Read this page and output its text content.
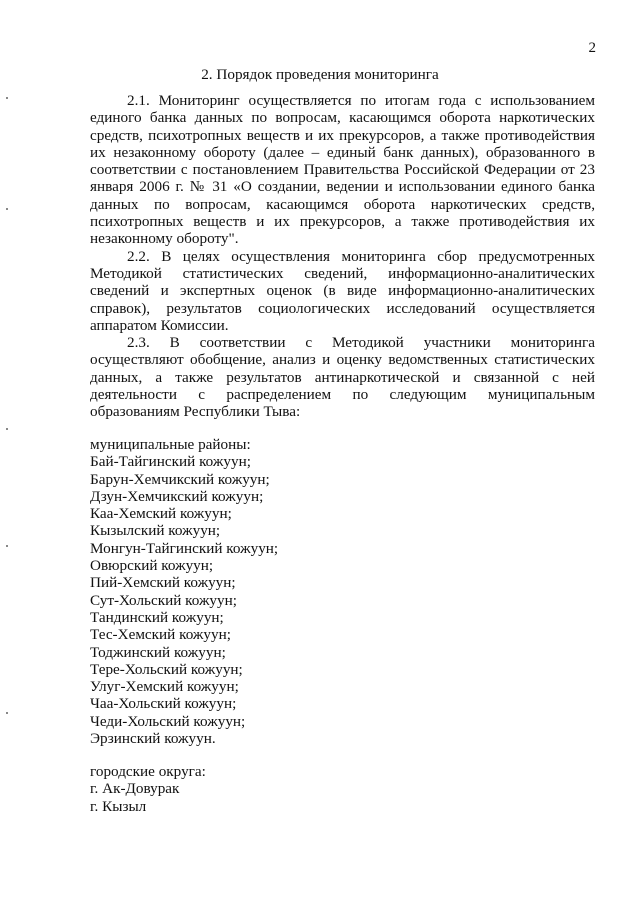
2
2. Порядок проведения мониторинга

2.1. Мониторинг осуществляется по итогам года с использованием единого банка данных по вопросам, касающимся оборота наркотических средств, психотропных веществ и их прекурсоров, а также противодействия их незаконному обороту (далее – единый банк данных), образованного в соответствии с постановлением Правительства Российской Федерации от 23 января 2006 г. № 31 «О создании, ведении и использовании единого банка данных по вопросам, касающимся оборота наркотических средств, психотропных веществ и их прекурсоров, а также противодействия их незаконному обороту".

2.2. В целях осуществления мониторинга сбор предусмотренных Методикой статистических сведений, информационно-аналитических сведений и экспертных оценок (в виде информационно-аналитических справок), результатов социологических исследований осуществляется аппаратом Комиссии.

2.3. В соответствии с Методикой участники мониторинга осуществляют обобщение, анализ и оценку ведомственных статистических данных, а также результатов антинаркотической и связанной с ней деятельности с распределением по следующим муниципальным образованиям Республики Тыва:

муниципальные районы:
Бай-Тайгинский кожуун;
Барун-Хемчикский кожуун;
Дзун-Хемчикский кожуун;
Каа-Хемский кожуун;
Кызылский кожуун;
Монгун-Тайгинский кожуун;
Овюрский кожуун;
Пий-Хемский кожуун;
Сут-Хольский кожуун;
Тандинский кожуун;
Тес-Хемский кожуун;
Тоджинский кожуун;
Тере-Хольский кожуун;
Улуг-Хемский кожуун;
Чаа-Хольский кожуун;
Чеди-Хольский кожуун;
Эрзинский кожуун.
городские округа:
г. Ак-Довурак
г. Кызыл
